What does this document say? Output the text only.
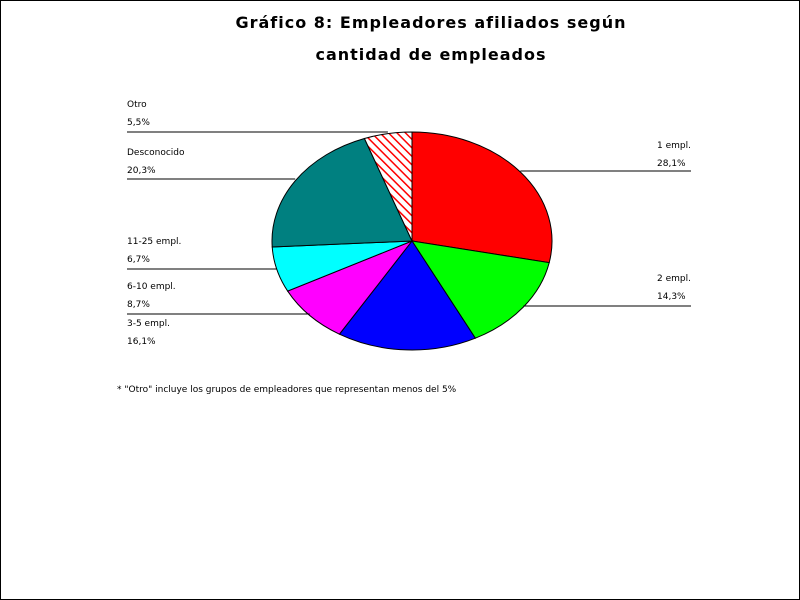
Gráfico 8: Empleadores afiliados según
cantidad de empleados
1 empl.
28,1%
2 empl.
14,3%
3-5 empl.
16,1%
6-10 empl.
8,7%
11-25 empl.
6,7%
Desconocido
20,3%
Otro
5,5%
* "Otro" incluye los grupos de empleadores que representan menos del 5%
